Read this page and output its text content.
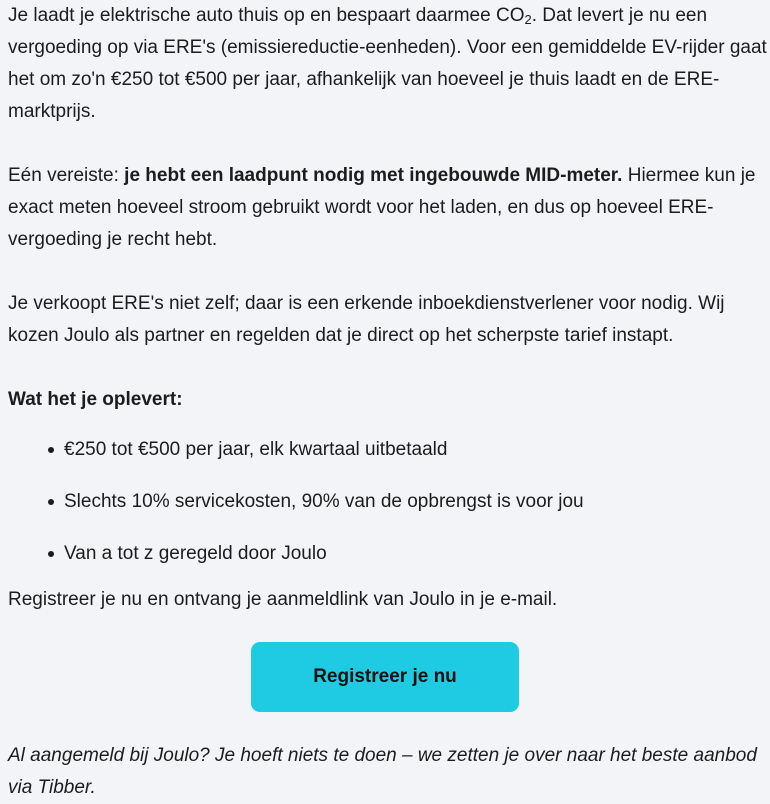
Je laadt je elektrische auto thuis op en bespaart daarmee $CO_2$. Dat levert je nu een vergoeding op via ERE's (emissiereductie-eenheden). Voor een gemiddelde EV-rijder gaat het om zo'n €250 tot €500 per jaar, afhankelijk van hoeveel je thuis laadt en de ERE-marktprijs.

Eén vereiste: je hebt een laadpunt nodig met ingebouwde MID-meter. Hiermee kun je exact meten hoeveel stroom gebruikt wordt voor het laden, en dus op hoeveel ERE-vergoeding je recht hebt.

Je verkoopt ERE's niet zelf; daar is een erkende inboekdienstverlener voor nodig. Wij kozen Joulo als partner en regelden dat je direct op het scherpste tarief instapt.

Wat het je oplevert:

€250 tot €500 per jaar, elk kwartaal uitbetaald
Slechts 10% servicekosten, 90% van de opbrengst is voor jou
Van a tot z geregeld door Joulo

Registreer je nu en ontvang je aanmeldlink van Joulo in je e-mail.

Registreer je nu

Al aangemeld bij Joulo? Je hoeft niets te doen – we zetten je over naar het beste aanbod via Tibber.
